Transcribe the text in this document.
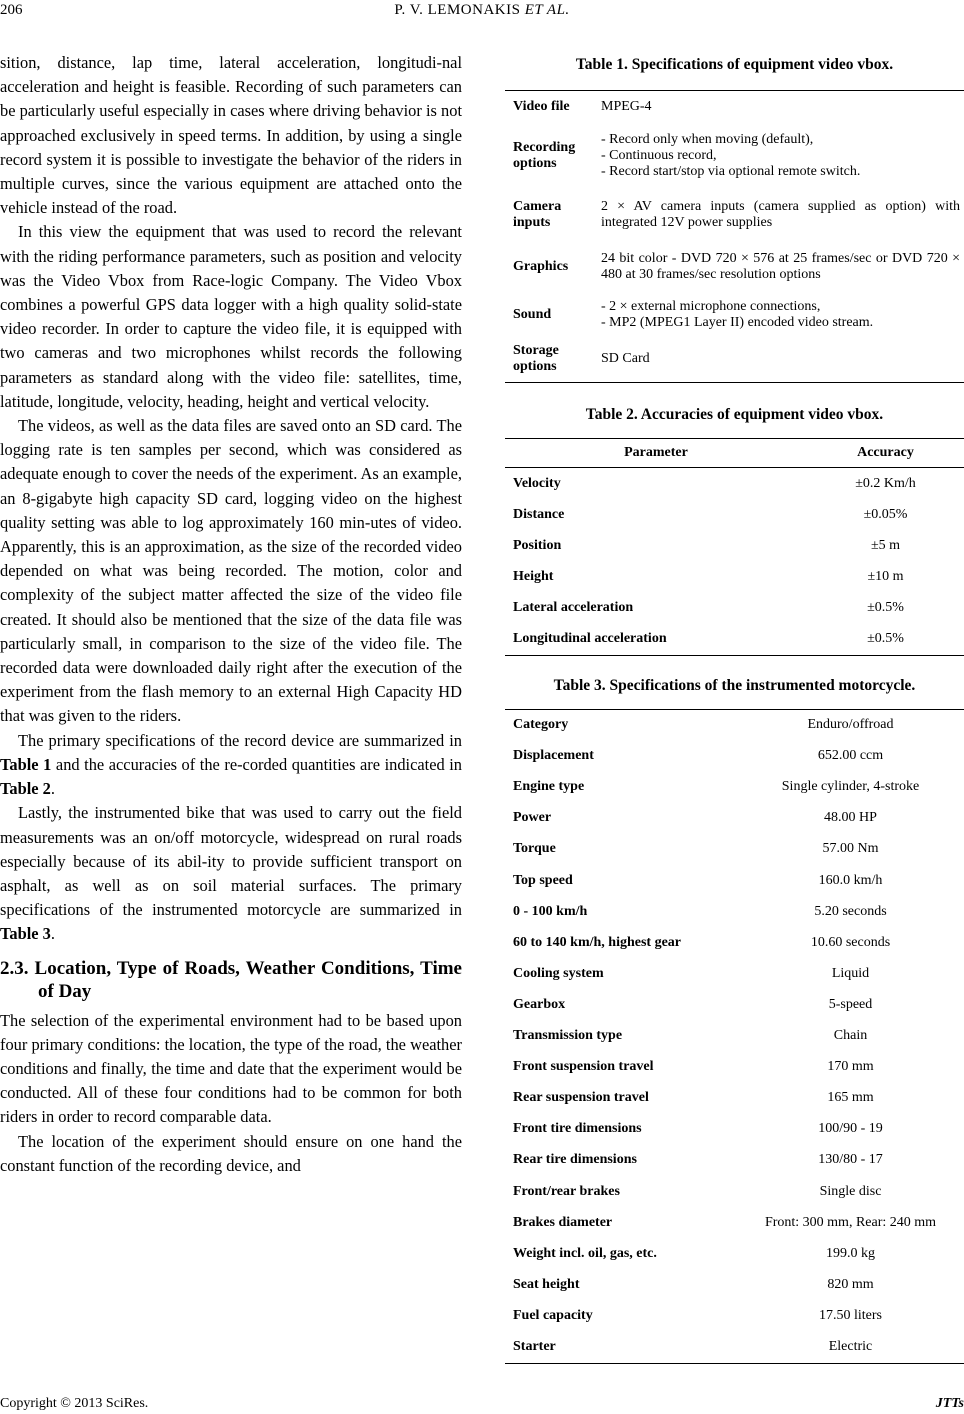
206	P. V. LEMONAKIS ET AL.

sition, distance, lap time, lateral acceleration, longitudi-nal acceleration and height is feasible. Recording of such parameters can be particularly useful especially in cases where driving behavior is not approached exclusively in speed terms. In addition, by using a single record system it is possible to investigate the behavior of the riders in multiple curves, since the various equipment are attached onto the vehicle instead of the road.

In this view the equipment that was used to record the relevant with the riding performance parameters, such as position and velocity was the Video Vbox from Race-logic Company. The Video Vbox combines a powerful GPS data logger with a high quality solid-state video recorder. In order to capture the video file, it is equipped with two cameras and two microphones whilst records the following parameters as standard along with the video file: satellites, time, latitude, longitude, velocity, heading, height and vertical velocity.

The videos, as well as the data files are saved onto an SD card. The logging rate is ten samples per second, which was considered as adequate enough to cover the needs of the experiment. As an example, an 8-gigabyte high capacity SD card, logging video on the highest quality setting was able to log approximately 160 min-utes of video. Apparently, this is an approximation, as the size of the recorded video depended on what was being recorded. The motion, color and complexity of the subject matter affected the size of the video file created. It should also be mentioned that the size of the data file was particularly small, in comparison to the size of the video file. The recorded data were downloaded daily right after the execution of the experiment from the flash memory to an external High Capacity HD that was given to the riders.

The primary specifications of the record device are summarized in Table 1 and the accuracies of the re-corded quantities are indicated in Table 2.

Lastly, the instrumented bike that was used to carry out the field measurements was an on/off motorcycle, widespread on rural roads especially because of its abil-ity to provide sufficient transport on asphalt, as well as on soil material surfaces. The primary specifications of the instrumented motorcycle are summarized in Table 3.

2.3. Location, Type of Roads, Weather Conditions, Time of Day

The selection of the experimental environment had to be based upon four primary conditions: the location, the type of the road, the weather conditions and finally, the time and date that the experiment would be conducted. All of these four conditions had to be common for both riders in order to record comparable data.

The location of the experiment should ensure on one hand the constant function of the recording device, and

Table 1. Specifications of equipment video vbox.
Video file	MPEG-4
Recording options	- Record only when moving (default),
- Continuous record,
- Record start/stop via optional remote switch.
Camera inputs	2 × AV camera inputs (camera supplied as option) with integrated 12V power supplies
Graphics	24 bit color - DVD 720 × 576 at 25 frames/sec or DVD 720 × 480 at 30 frames/sec resolution options
Sound	- 2 × external microphone connections,
- MP2 (MPEG1 Layer II) encoded video stream.
Storage options	SD Card
Table 2. Accuracies of equipment video vbox.
Parameter	Accuracy
Velocity	±0.2 Km/h
Distance	±0.05%
Position	±5 m
Height	±10 m
Lateral acceleration	±0.5%
Longitudinal acceleration	±0.5%
Table 3. Specifications of the instrumented motorcycle.
Category	Enduro/offroad
Displacement	652.00 ccm
Engine type	Single cylinder, 4-stroke
Power	48.00 HP
Torque	57.00 Nm
Top speed	160.0 km/h
0 - 100 km/h	5.20 seconds
60 to 140 km/h, highest gear	10.60 seconds
Cooling system	Liquid
Gearbox	5-speed
Transmission type	Chain
Front suspension travel	170 mm
Rear suspension travel	165 mm
Front tire dimensions	100/90 - 19
Rear tire dimensions	130/80 - 17
Front/rear brakes	Single disc
Brakes diameter	Front: 300 mm, Rear: 240 mm
Weight incl. oil, gas, etc.	199.0 kg
Seat height	820 mm
Fuel capacity	17.50 liters
Starter	Electric
Copyright © 2013 SciRes.	JTTs
